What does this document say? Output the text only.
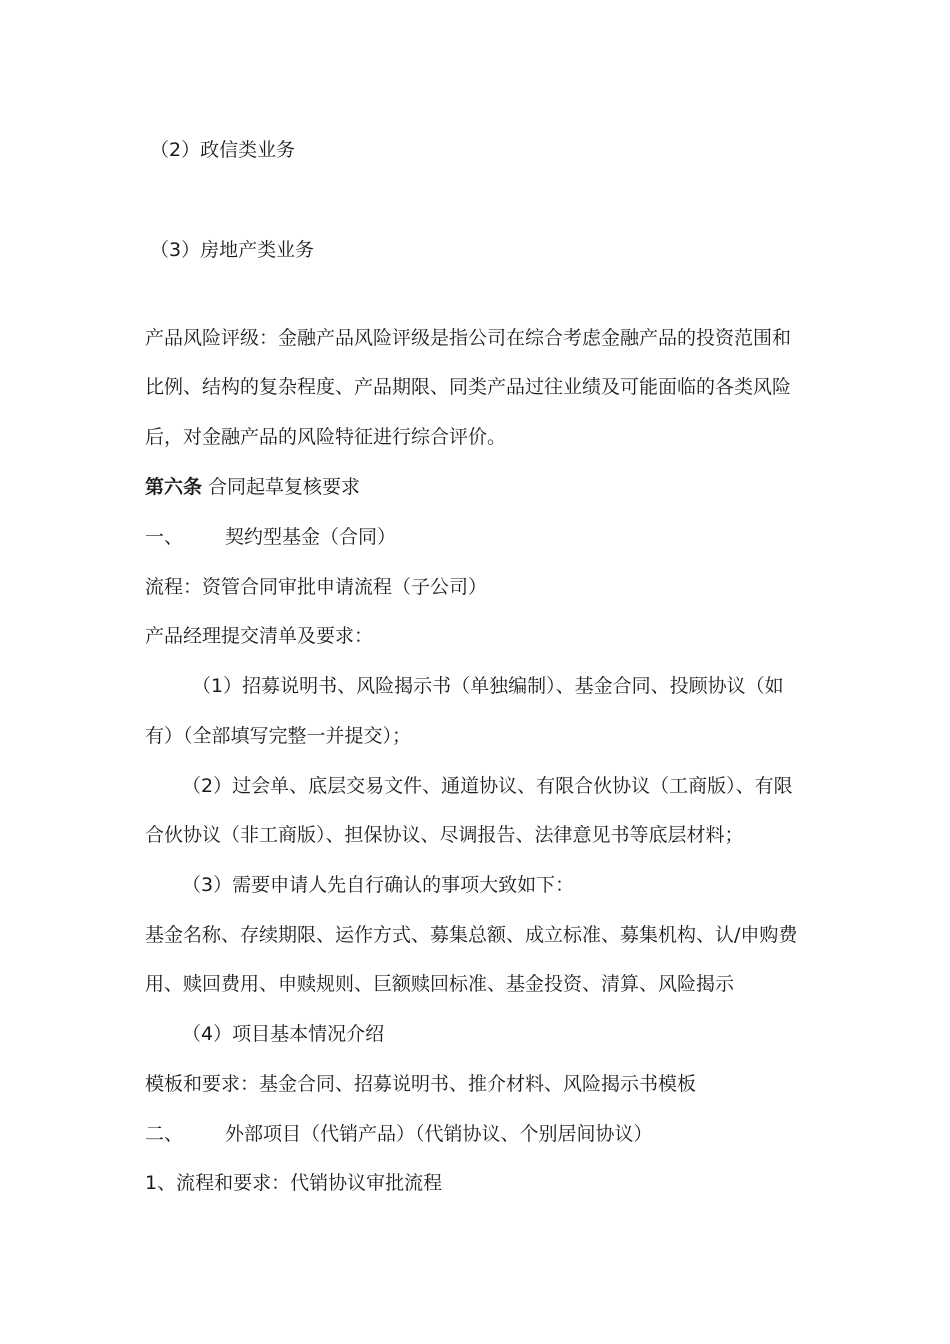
（2）政信类业务
（3）房地产类业务
产品风险评级：金融产品风险评级是指公司在综合考虑金融产品的投资范围和
比例、结构的复杂程度、产品期限、同类产品过往业绩及可能面临的各类风险
后，对金融产品的风险特征进行综合评价。
第六条 合同起草复核要求
一、 契约型基金（合同）
流程：资管合同审批申请流程（子公司）
产品经理提交清单及要求：
（1）招募说明书、风险揭示书（单独编制）、基金合同、投顾协议（如
有）（全部填写完整一并提交）；
（2）过会单、底层交易文件、通道协议、有限合伙协议（工商版）、有限
合伙协议（非工商版）、担保协议、尽调报告、法律意见书等底层材料；
（3）需要申请人先自行确认的事项大致如下：
基金名称、存续期限、运作方式、募集总额、成立标准、募集机构、认/申购费
用、赎回费用、申赎规则、巨额赎回标准、基金投资、清算、风险揭示
（4）项目基本情况介绍
模板和要求：基金合同、招募说明书、推介材料、风险揭示书模板
二、 外部项目（代销产品）（代销协议、个别居间协议）
1、流程和要求：代销协议审批流程
